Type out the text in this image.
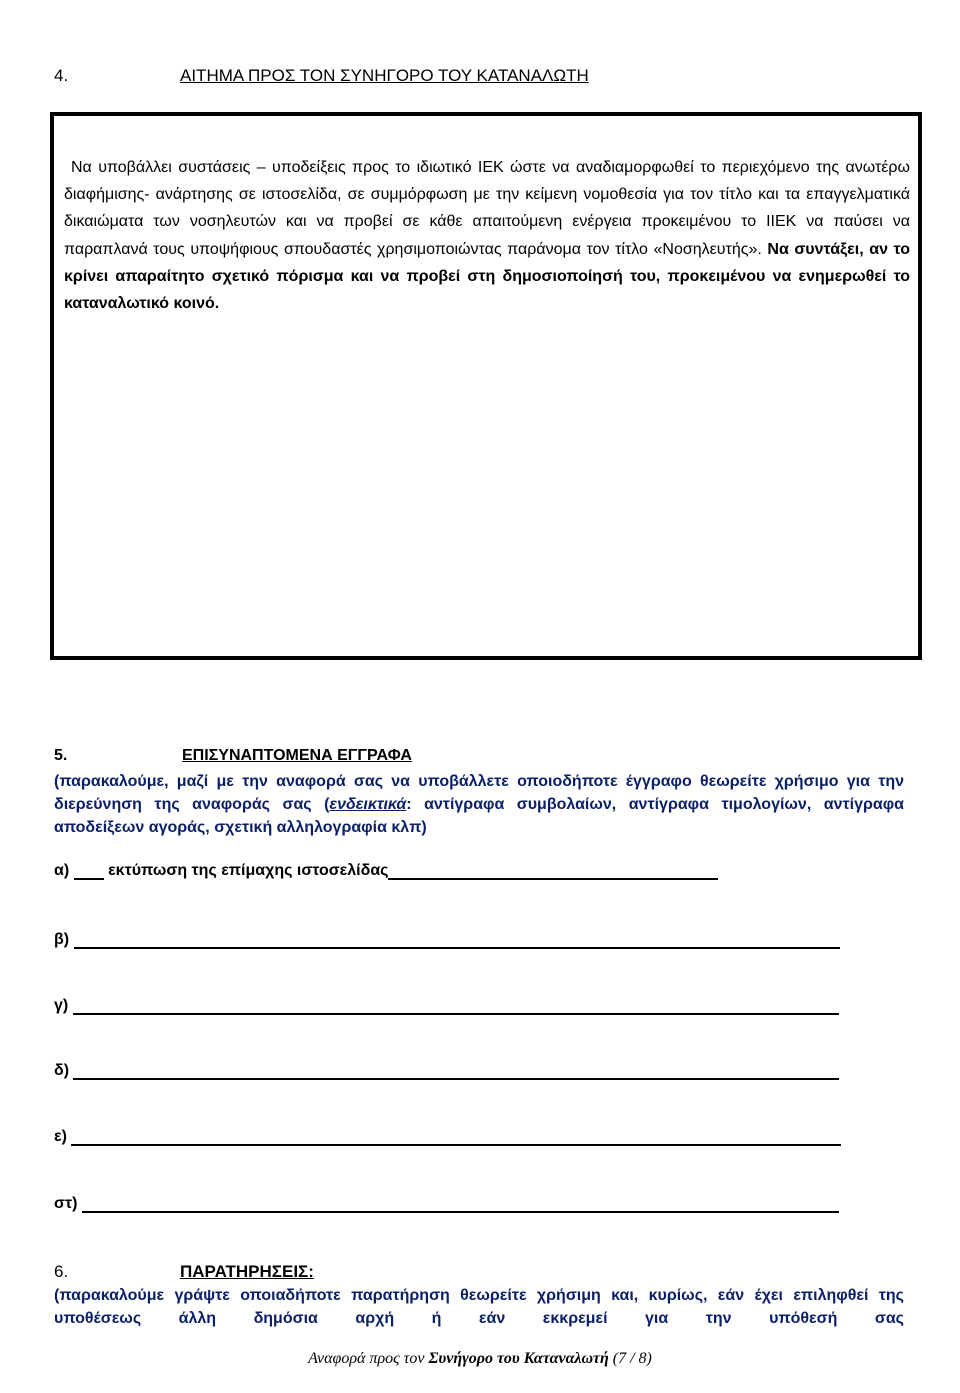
4.	ΑΙΤΗΜΑ ΠΡΟΣ ΤΟΝ ΣΥΝΗΓΟΡΟ ΤΟΥ ΚΑΤΑΝΑΛΩΤΗ
Να υποβάλλει συστάσεις – υποδείξεις προς το ιδιωτικό ΙΕΚ ώστε να αναδιαμορφωθεί το περιεχόμενο της ανωτέρω διαφήμισης- ανάρτησης σε ιστοσελίδα, σε συμμόρφωση με την κείμενη νομοθεσία για τον τίτλο και τα επαγγελματικά δικαιώματα των νοσηλευτών και να προβεί σε κάθε απαιτούμενη ενέργεια προκειμένου το ΙΙΕΚ να παύσει να παραπλανά τους υποψήφιους σπουδαστές χρησιμοποιώντας παράνομα τον τίτλο «Νοσηλευτής». Να συντάξει, αν το κρίνει απαραίτητο σχετικό πόρισμα και να προβεί στη δημοσιοποίησή του, προκειμένου να ενημερωθεί το καταναλωτικό κοινό.
5.	ΕΠΙΣΥΝΑΠΤΟΜΕΝΑ ΕΓΓΡΑΦΑ
(παρακαλούμε, μαζί με την αναφορά σας να υποβάλλετε οποιοδήποτε έγγραφο θεωρείτε χρήσιμο για την διερεύνηση της αναφοράς σας (ενδεικτικά: αντίγραφα συμβολαίων, αντίγραφα τιμολογίων, αντίγραφα αποδείξεων αγοράς, σχετική αλληλογραφία κλπ)
α) εκτύπωση της επίμαχης ιστοσελίδας
β)
γ)
δ)
ε)
στ)
6.	ΠΑΡΑΤΗΡΗΣΕΙΣ:
(παρακαλούμε γράψτε οποιαδήποτε παρατήρηση θεωρείτε χρήσιμη και, κυρίως, εάν έχει επιληφθεί της υποθέσεως άλλη δημόσια αρχή ή εάν εκκρεμεί για την υπόθεσή σας
Αναφορά προς τον Συνήγορο του Καταναλωτή (7 / 8)
